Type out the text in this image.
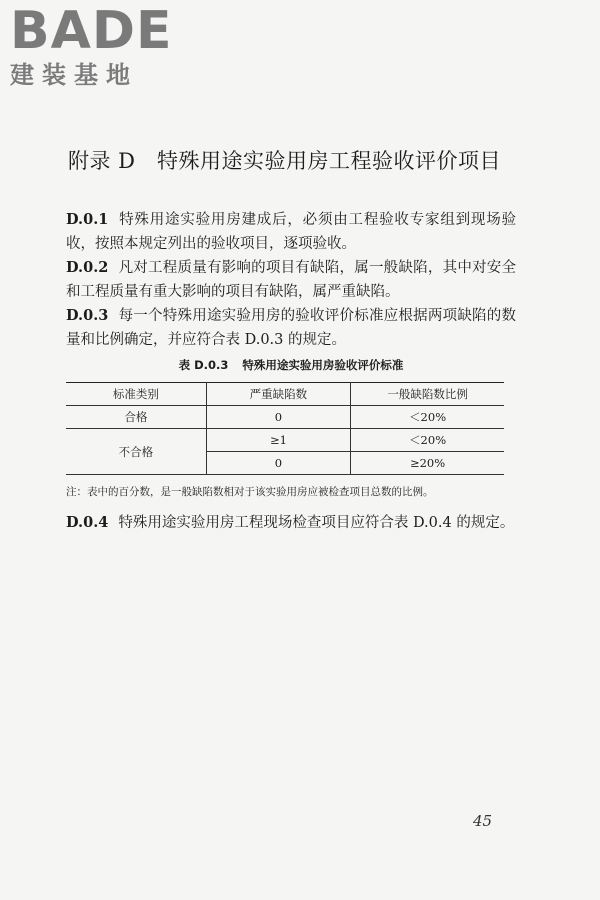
BADE
建装基地
附录 D　特殊用途实验用房工程验收评价项目
D.0.1 特殊用途实验用房建成后，必须由工程验收专家组到现场验收，按照本规定列出的验收项目，逐项验收。
D.0.2 凡对工程质量有影响的项目有缺陷，属一般缺陷，其中对安全和工程质量有重大影响的项目有缺陷，属严重缺陷。
D.0.3 每一个特殊用途实验用房的验收评价标准应根据两项缺陷的数量和比例确定，并应符合表 D.0.3 的规定。
表 D.0.3 特殊用途实验用房验收评价标准
标准类别	严重缺陷数	一般缺陷数比例
合格	0	＜20%
不合格	≥1	＜20%
	0	≥20%
注：表中的百分数，是一般缺陷数相对于该实验用房应被检查项目总数的比例。
D.0.4 特殊用途实验用房工程现场检查项目应符合表 D.0.4 的规定。
45
